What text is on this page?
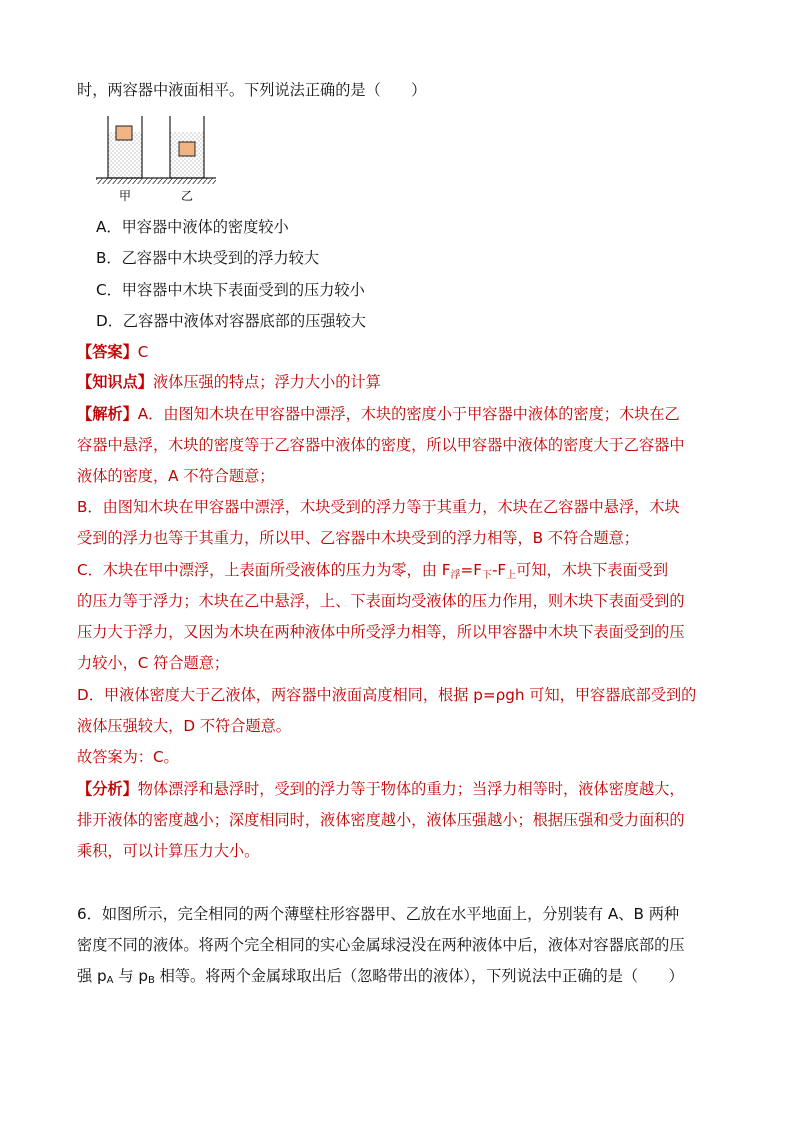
时，两容器中液面相平。下列说法正确的是（　　）
甲	乙
A．甲容器中液体的密度较小
B．乙容器中木块受到的浮力较大
C．甲容器中木块下表面受到的压力较小
D．乙容器中液体对容器底部的压强较大
【答案】C
【知识点】液体压强的特点；浮力大小的计算
【解析】A．由图知木块在甲容器中漂浮，木块的密度小于甲容器中液体的密度；木块在乙
容器中悬浮，木块的密度等于乙容器中液体的密度，所以甲容器中液体的密度大于乙容器中
液体的密度，A 不符合题意；
B．由图知木块在甲容器中漂浮，木块受到的浮力等于其重力，木块在乙容器中悬浮，木块
受到的浮力也等于其重力，所以甲、乙容器中木块受到的浮力相等，B 不符合题意；
C．木块在甲中漂浮，上表面所受液体的压力为零，由 $F_浮=F_下-F_上$可知，木块下表面受到
的压力等于浮力；木块在乙中悬浮，上、下表面均受液体的压力作用，则木块下表面受到的
压力大于浮力，又因为木块在两种液体中所受浮力相等，所以甲容器中木块下表面受到的压
力较小，C 符合题意；
D．甲液体密度大于乙液体，两容器中液面高度相同，根据 p=ρgh 可知，甲容器底部受到的
液体压强较大，D 不符合题意。
故答案为：C。
【分析】物体漂浮和悬浮时，受到的浮力等于物体的重力；当浮力相等时，液体密度越大，
排开液体的密度越小；深度相同时，液体密度越小，液体压强越小；根据压强和受力面积的
乘积，可以计算压力大小。
6．如图所示，完全相同的两个薄壁柱形容器甲、乙放在水平地面上，分别装有 A、B 两种
密度不同的液体。将两个完全相同的实心金属球浸没在两种液体中后，液体对容器底部的压
强 pA 与 pB 相等。将两个金属球取出后（忽略带出的液体），下列说法中正确的是（　　）
